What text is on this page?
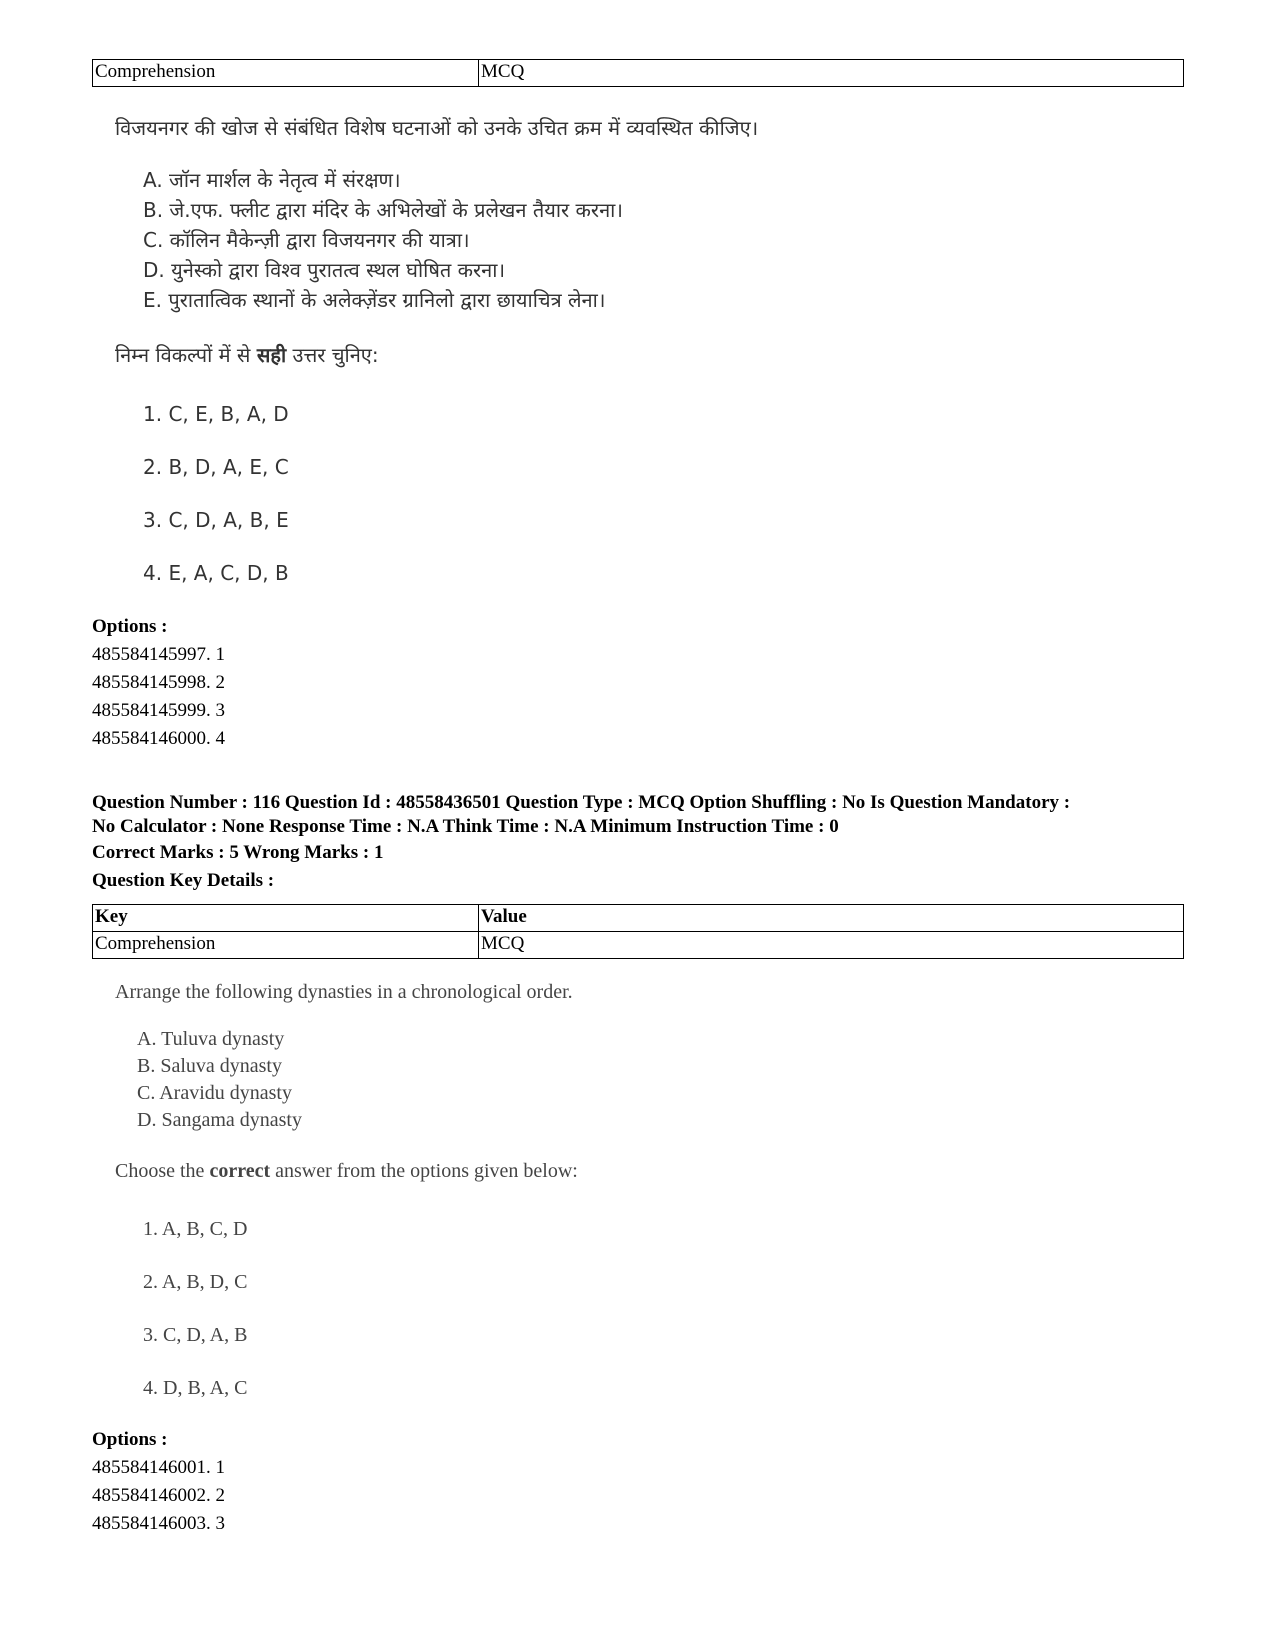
Comprehension	MCQ
विजयनगर की खोज से संबंधित विशेष घटनाओं को उनके उचित क्रम में व्यवस्थित कीजिए।
A. जॉन मार्शल के नेतृत्व में संरक्षण।
B. जे.एफ. फ्लीट द्वारा मंदिर के अभिलेखों के प्रलेखन तैयार करना।
C. कॉलिन मैकेन्ज़ी द्वारा विजयनगर की यात्रा।
D. युनेस्को द्वारा विश्व पुरातत्व स्थल घोषित करना।
E. पुरातात्विक स्थानों के अलेक्ज़ेंडर ग्रानिलो द्वारा छायाचित्र लेना।
निम्न विकल्पों में से सही उत्तर चुनिए:
1. C, E, B, A, D
2. B, D, A, E, C
3. C, D, A, B, E
4. E, A, C, D, B
Options :
485584145997. 1
485584145998. 2
485584145999. 3
485584146000. 4
Question Number : 116 Question Id : 48558436501 Question Type : MCQ Option Shuffling : No Is Question Mandatory :
No Calculator : None Response Time : N.A Think Time : N.A Minimum Instruction Time : 0
Correct Marks : 5 Wrong Marks : 1
Question Key Details :
Key	Value
Comprehension	MCQ
Arrange the following dynasties in a chronological order.
A. Tuluva dynasty
B. Saluva dynasty
C. Aravidu dynasty
D. Sangama dynasty
Choose the correct answer from the options given below:
1. A, B, C, D
2. A, B, D, C
3. C, D, A, B
4. D, B, A, C
Options :
485584146001. 1
485584146002. 2
485584146003. 3
